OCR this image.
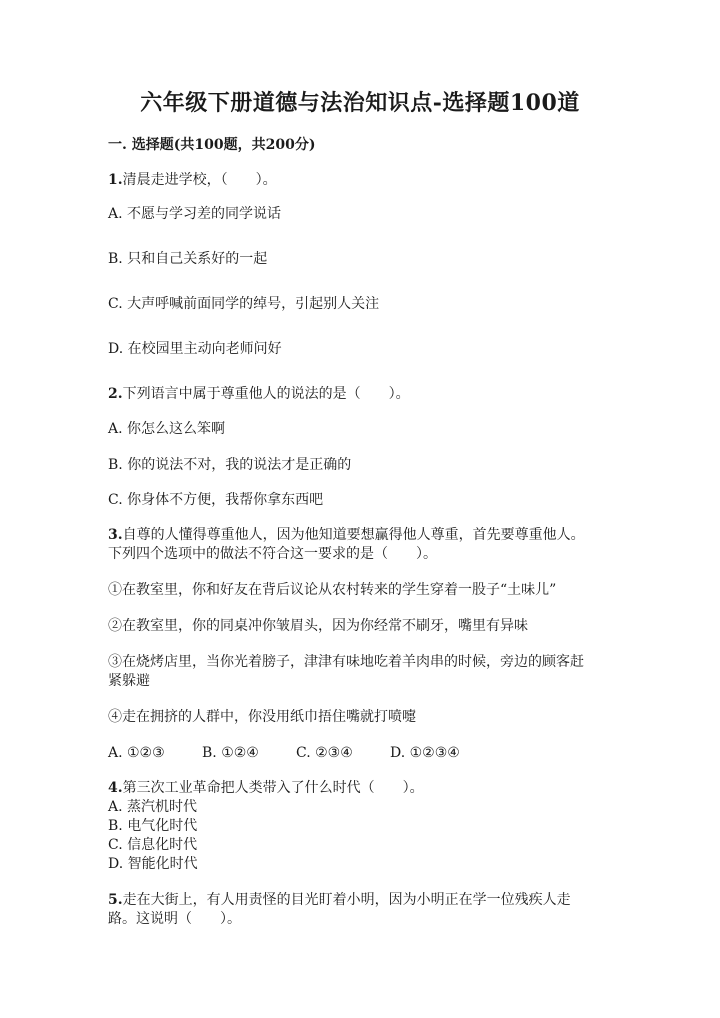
六年级下册道德与法治知识点-选择题100道
一. 选择题(共100题，共200分)
1.清晨走进学校，（　　）。
A. 不愿与学习差的同学说话
B. 只和自己关系好的一起
C. 大声呼喊前面同学的绰号，引起别人关注
D. 在校园里主动向老师问好
2.下列语言中属于尊重他人的说法的是（　　）。
A. 你怎么这么笨啊
B. 你的说法不对，我的说法才是正确的
C. 你身体不方便，我帮你拿东西吧
3.自尊的人懂得尊重他人，因为他知道要想赢得他人尊重，首先要尊重他人。
下列四个选项中的做法不符合这一要求的是（　　）。
①在教室里，你和好友在背后议论从农村转来的学生穿着一股子“土味儿”
②在教室里，你的同桌冲你皱眉头，因为你经常不刷牙，嘴里有异味
③在烧烤店里，当你光着膀子，津津有味地吃着羊肉串的时候，旁边的顾客赶
紧躲避
④走在拥挤的人群中，你没用纸巾捂住嘴就打喷嚏
A. ①②③	B. ①②④	C. ②③④	D. ①②③④
4.第三次工业革命把人类带入了什么时代（　　）。
A. 蒸汽机时代
B. 电气化时代
C. 信息化时代
D. 智能化时代
5.走在大街上，有人用责怪的目光盯着小明，因为小明正在学一位残疾人走
路。这说明（　　）。
